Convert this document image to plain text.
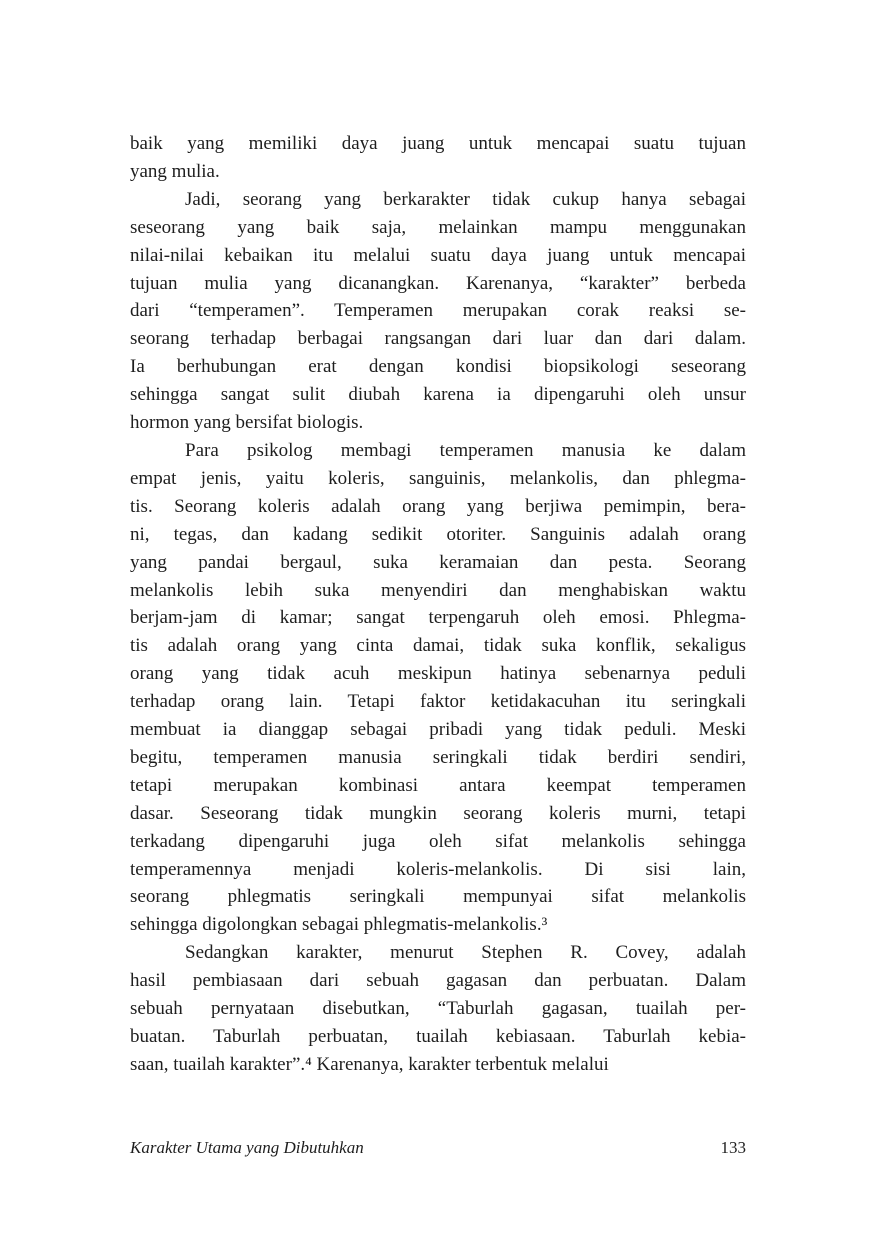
baik yang memiliki daya juang untuk mencapai suatu tujuan
yang mulia.
Jadi, seorang yang berkarakter tidak cukup hanya sebagai
seseorang yang baik saja, melainkan mampu menggunakan
nilai-nilai kebaikan itu melalui suatu daya juang untuk mencapai
tujuan mulia yang dicanangkan. Karenanya, “karakter” berbeda
dari “temperamen”. Temperamen merupakan corak reaksi se-
seorang terhadap berbagai rangsangan dari luar dan dari dalam.
Ia berhubungan erat dengan kondisi biopsikologi seseorang
sehingga sangat sulit diubah karena ia dipengaruhi oleh unsur
hormon yang bersifat biologis.
Para psikolog membagi temperamen manusia ke dalam
empat jenis, yaitu koleris, sanguinis, melankolis, dan phlegma-
tis. Seorang koleris adalah orang yang berjiwa pemimpin, bera-
ni, tegas, dan kadang sedikit otoriter. Sanguinis adalah orang
yang pandai bergaul, suka keramaian dan pesta. Seorang
melankolis lebih suka menyendiri dan menghabiskan waktu
berjam-jam di kamar; sangat terpengaruh oleh emosi. Phlegma-
tis adalah orang yang cinta damai, tidak suka konflik, sekaligus
orang yang tidak acuh meskipun hatinya sebenarnya peduli
terhadap orang lain. Tetapi faktor ketidakacuhan itu seringkali
membuat ia dianggap sebagai pribadi yang tidak peduli. Meski
begitu, temperamen manusia seringkali tidak berdiri sendiri,
tetapi merupakan kombinasi antara keempat temperamen
dasar. Seseorang tidak mungkin seorang koleris murni, tetapi
terkadang dipengaruhi juga oleh sifat melankolis sehingga
temperamennya menjadi koleris-melankolis. Di sisi lain,
seorang phlegmatis seringkali mempunyai sifat melankolis
sehingga digolongkan sebagai phlegmatis-melankolis.³
Sedangkan karakter, menurut Stephen R. Covey, adalah
hasil pembiasaan dari sebuah gagasan dan perbuatan. Dalam
sebuah pernyataan disebutkan, “Taburlah gagasan, tuailah per-
buatan. Taburlah perbuatan, tuailah kebiasaan. Taburlah kebia-
saan, tuailah karakter”.⁴ Karenanya, karakter terbentuk melalui
Karakter Utama yang Dibutuhkan	133
